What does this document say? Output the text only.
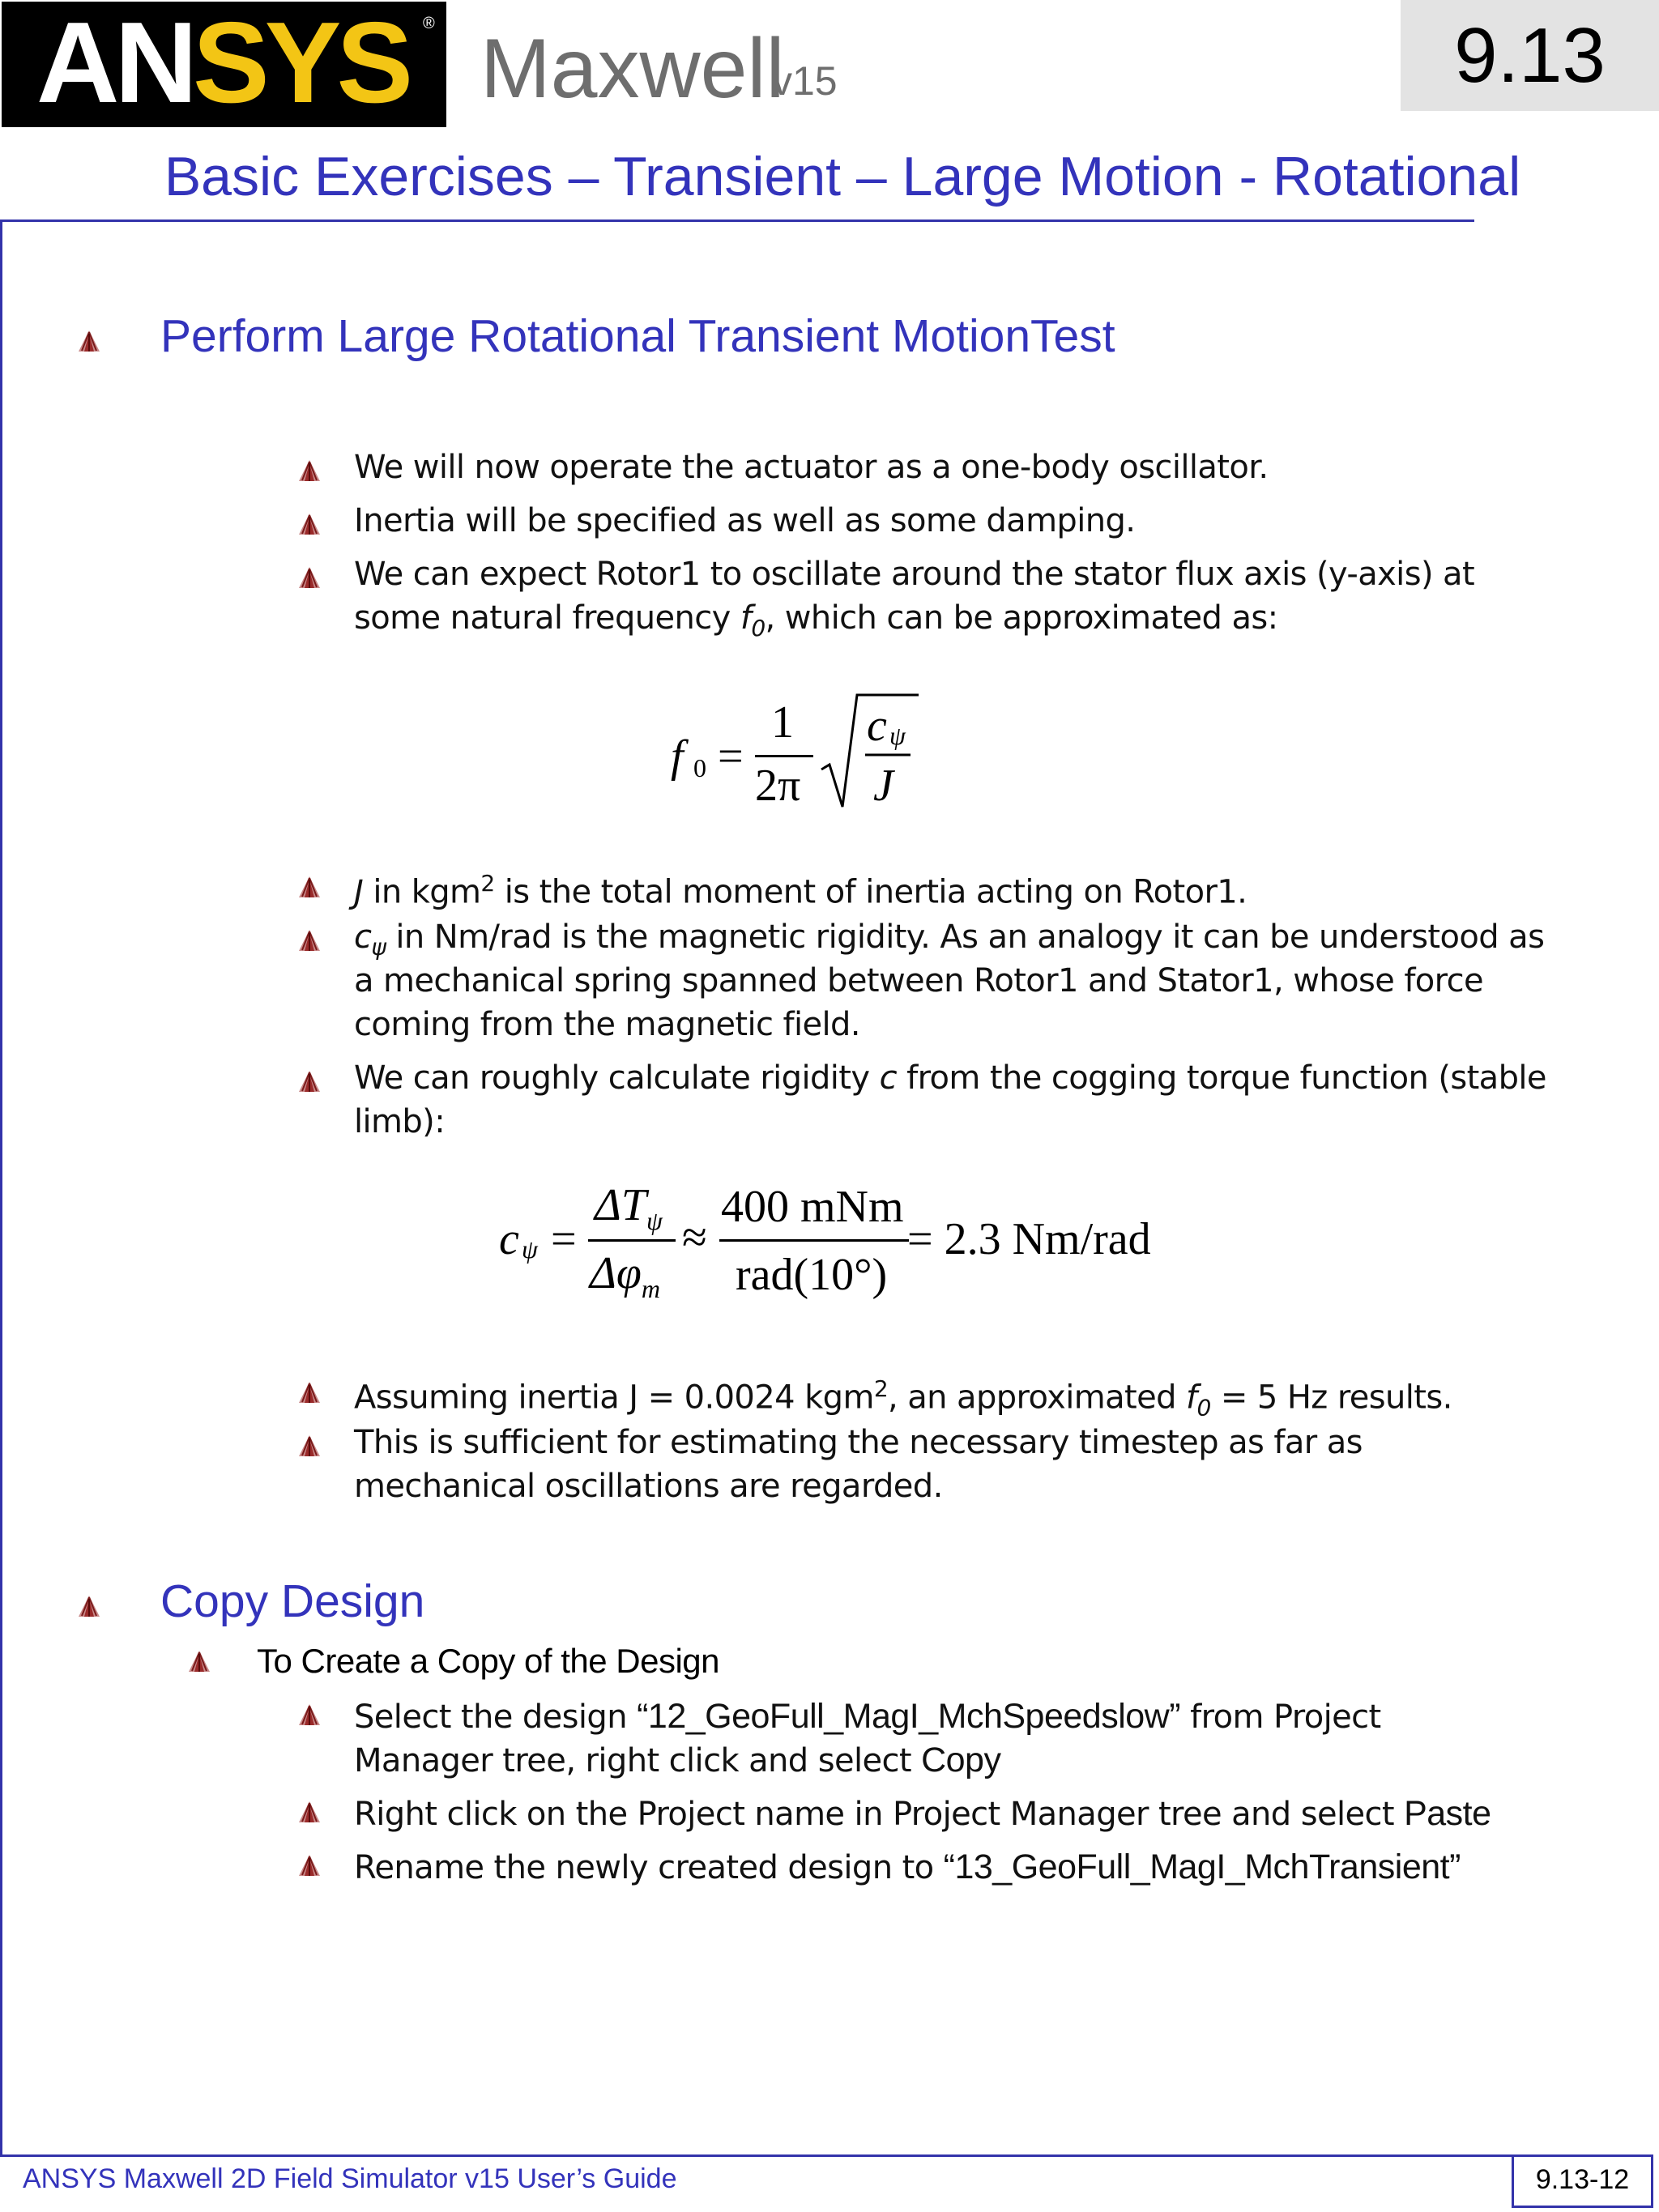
ANSYS ® Maxwell
v15	9.13
Basic Exercises – Transient – Large Motion - Rotational
Perform Large Rotational Transient MotionTest
We will now operate the actuator as a one-body oscillator.
Inertia will be specified as well as some damping.
We can expect Rotor1 to oscillate around the stator flux axis (y-axis) at
some natural frequency $f_0$, which can be approximated as:
f 0 =
1
2π
c ψ
J
J in kgm$^2$ is the total moment of inertia acting on Rotor1.
$c_\psi$ in Nm/rad is the magnetic rigidity. As an analogy it can be understood as
a mechanical spring spanned between Rotor1 and Stator1, whose force
coming from the magnetic field.
We can roughly calculate rigidity c from the cogging torque function (stable
limb):
c ψ =
$\Delta T_\psi$
$\Delta\varphi_m$
≈
400 mNm
rad(10°)
= 2.3 Nm/rad
Assuming inertia J = 0.0024 kgm$^2$, an approximated $f_0 = 5$ Hz results.
This is sufficient for estimating the necessary timestep as far as
mechanical oscillations are regarded.
Copy Design
To Create a Copy of the Design
Select the design “12_GeoFull_MagI_MchSpeedslow” from Project
Manager tree, right click and select Copy
Right click on the Project name in Project Manager tree and select Paste
Rename the newly created design to “13_GeoFull_MagI_MchTransient”
ANSYS Maxwell 2D Field Simulator v15 User’s Guide	9.13-12
